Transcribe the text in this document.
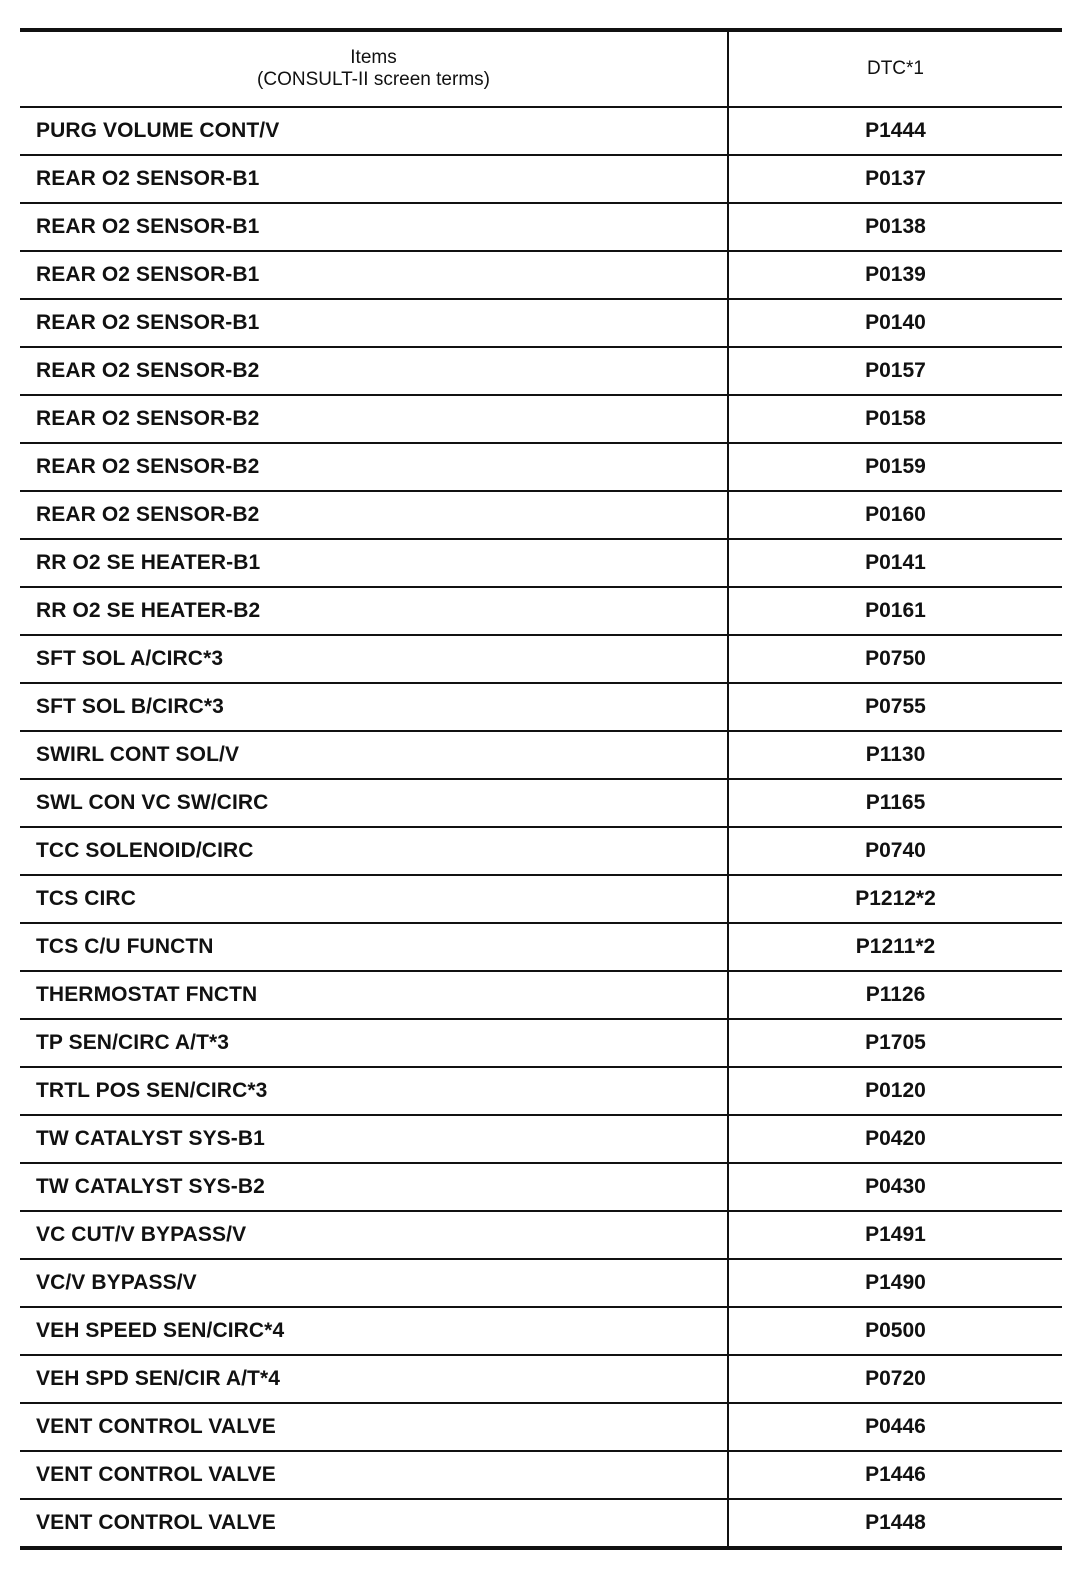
Items
(CONSULT-II screen terms)	DTC*1
PURG VOLUME CONT/V	P1444
REAR O2 SENSOR-B1	P0137
REAR O2 SENSOR-B1	P0138
REAR O2 SENSOR-B1	P0139
REAR O2 SENSOR-B1	P0140
REAR O2 SENSOR-B2	P0157
REAR O2 SENSOR-B2	P0158
REAR O2 SENSOR-B2	P0159
REAR O2 SENSOR-B2	P0160
RR O2 SE HEATER-B1	P0141
RR O2 SE HEATER-B2	P0161
SFT SOL A/CIRC*3	P0750
SFT SOL B/CIRC*3	P0755
SWIRL CONT SOL/V	P1130
SWL CON VC SW/CIRC	P1165
TCC SOLENOID/CIRC	P0740
TCS CIRC	P1212*2
TCS C/U FUNCTN	P1211*2
THERMOSTAT FNCTN	P1126
TP SEN/CIRC A/T*3	P1705
TRTL POS SEN/CIRC*3	P0120
TW CATALYST SYS-B1	P0420
TW CATALYST SYS-B2	P0430
VC CUT/V BYPASS/V	P1491
VC/V BYPASS/V	P1490
VEH SPEED SEN/CIRC*4	P0500
VEH SPD SEN/CIR A/T*4	P0720
VENT CONTROL VALVE	P0446
VENT CONTROL VALVE	P1446
VENT CONTROL VALVE	P1448
